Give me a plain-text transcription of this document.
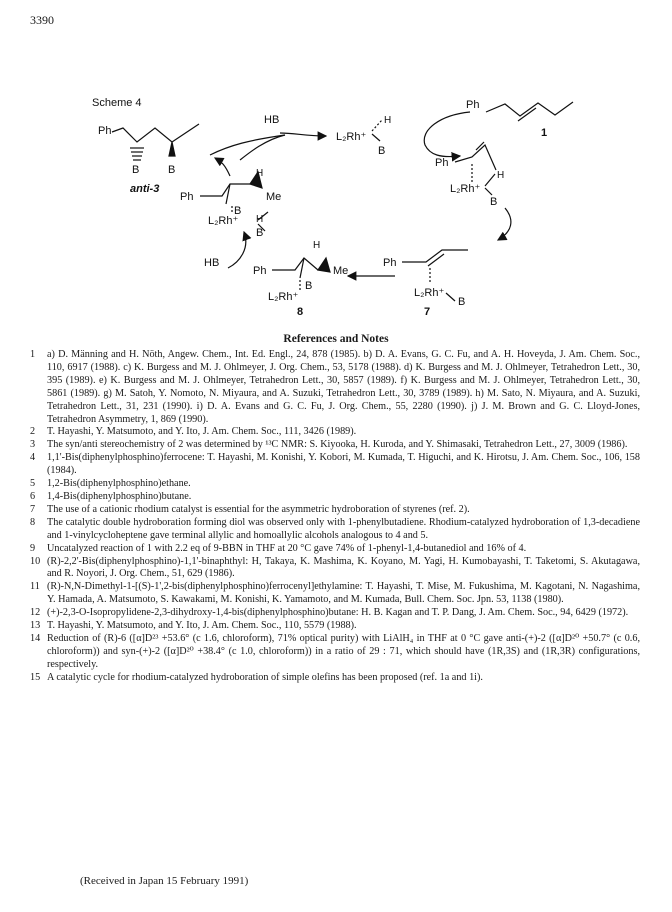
3390
Scheme 4
Ph
B	B
anti-3
HB
L₂Rh⁺
H
B
Ph
1
Ph
L₂Rh⁺
H
B
Ph
L₂Rh⁺
B
7
Ph
H
Me
B
L₂Rh⁺
8
HB
Ph
H
Me
B
L₂Rh⁺ H
B
References and Notes
1	a) D. Männing and H. Nöth, Angew. Chem., Int. Ed. Engl., 24, 878 (1985). b) D. A. Evans, G. C. Fu, and A. H. Hoveyda, J. Am. Chem. Soc., 110, 6917 (1988). c) K. Burgess and M. J. Ohlmeyer, J. Org. Chem., 53, 5178 (1988). d) K. Burgess and M. J. Ohlmeyer, Tetrahedron Lett., 30, 395 (1989). e) K. Burgess and M. J. Ohlmeyer, Tetrahedron Lett., 30, 5857 (1989). f) K. Burgess and M. J. Ohlmeyer, Tetrahedron Lett., 30, 5861 (1989). g) M. Satoh, Y. Nomoto, N. Miyaura, and A. Suzuki, Tetrahedron Lett., 30, 3789 (1989). h) M. Sato, N. Miyaura, and A. Suzuki, Tetrahedron Lett., 31, 231 (1990). i) D. A. Evans and G. C. Fu, J. Org. Chem., 55, 2280 (1990). j) J. M. Brown and G. C. Lloyd-Jones, Tetrahedron Asymmetry, 1, 869 (1990).
2	T. Hayashi, Y. Matsumoto, and Y. Ito, J. Am. Chem. Soc., 111, 3426 (1989).
3	The syn/anti stereochemistry of 2 was determined by ¹³C NMR: S. Kiyooka, H. Kuroda, and Y. Shimasaki, Tetrahedron Lett., 27, 3009 (1986).
4	1,1'-Bis(diphenylphosphino)ferrocene: T. Hayashi, M. Konishi, Y. Kobori, M. Kumada, T. Higuchi, and K. Hirotsu, J. Am. Chem. Soc., 106, 158 (1984).
5	1,2-Bis(diphenylphosphino)ethane.
6	1,4-Bis(diphenylphosphino)butane.
7	The use of a cationic rhodium catalyst is essential for the asymmetric hydroboration of styrenes (ref. 2).
8	The catalytic double hydroboration forming diol was observed only with 1-phenylbutadiene. Rhodium-catalyzed hydroboration of 1,3-decadiene and 1-vinylcycloheptene gave terminal allylic and homoallylic alcohols analogous to 4 and 5.
9	Uncatalyzed reaction of 1 with 2.2 eq of 9-BBN in THF at 20 °C gave 74% of 1-phenyl-1,4-butanediol and 16% of 4.
10 (R)-2,2'-Bis(diphenylphosphino)-1,1'-binaphthyl: H, Takaya, K. Mashima, K. Koyano, M. Yagi, H. Kumobayashi, T. Taketomi, S. Akutagawa, and R. Noyori, J. Org. Chem., 51, 629 (1986).
11 (R)-N,N-Dimethyl-1-[(S)-1',2-bis(diphenylphosphino)ferrocenyl]ethylamine: T. Hayashi, T. Mise, M. Fukushima, M. Kagotani, N. Nagashima, Y. Hamada, A. Matsumoto, S. Kawakami, M. Konishi, K. Yamamoto, and M. Kumada, Bull. Chem. Soc. Jpn. 53, 1138 (1980).
12 (+)-2,3-O-Isopropylidene-2,3-dihydroxy-1,4-bis(diphenylphosphino)butane: H. B. Kagan and T. P. Dang, J. Am. Chem. Soc., 94, 6429 (1972).
13 T. Hayashi, Y. Matsumoto, and Y. Ito, J. Am. Chem. Soc., 110, 5579 (1988).
14 Reduction of (R)-6 ([α]D²³ +53.6° (c 1.6, chloroform), 71% optical purity) with LiAlH₄ in THF at 0 °C gave anti-(+)-2 ([α]D²⁰ +50.7° (c 0.6, chloroform)) and syn-(+)-2 ([α]D²⁰ +38.4° (c 1.0, chloroform)) in a ratio of 29 : 71, which should have (1R,3S) and (1R,3R) configurations, respectively.
15 A catalytic cycle for rhodium-catalyzed hydroboration of simple olefins has been proposed (ref. 1a and 1i).
(Received in Japan 15 February 1991)
